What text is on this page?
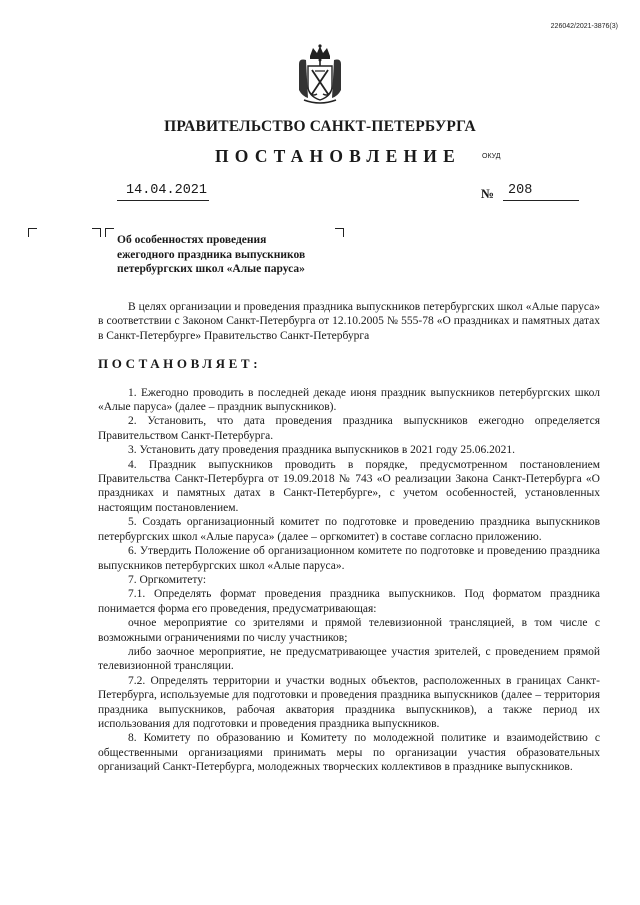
226042/2021-3876(3)
ПРАВИТЕЛЬСТВО САНКТ-ПЕТЕРБУРГА
ПОСТАНОВЛЕНИЕ	ОКУД
14.04.2021	№ 208
Об особенностях проведения
ежегодного праздника выпускников
петербургских школ «Алые паруса»

В целях организации и проведения праздника выпускников петербургских школ «Алые паруса» в соответствии с Законом Санкт-Петербурга от 12.10.2005 № 555-78 «О праздниках и памятных датах в Санкт-Петербурге» Правительство Санкт-Петербурга

ПОСТАНОВЛЯЕТ:

1. Ежегодно проводить в последней декаде июня праздник выпускников петербургских школ «Алые паруса» (далее – праздник выпускников).

2. Установить, что дата проведения праздника выпускников ежегодно определяется Правительством Санкт-Петербурга.

3. Установить дату проведения праздника выпускников в 2021 году 25.06.2021.

4. Праздник выпускников проводить в порядке, предусмотренном постановлением Правительства Санкт-Петербурга от 19.09.2018 № 743 «О реализации Закона Санкт-Петербурга «О праздниках и памятных датах в Санкт-Петербурге», с учетом особенностей, установленных настоящим постановлением.

5. Создать организационный комитет по подготовке и проведению праздника выпускников петербургских школ «Алые паруса» (далее – оргкомитет) в составе согласно приложению.

6. Утвердить Положение об организационном комитете по подготовке и проведению праздника выпускников петербургских школ «Алые паруса».

7. Оргкомитету:

7.1. Определять формат проведения праздника выпускников. Под форматом праздника понимается форма его проведения, предусматривающая:

очное мероприятие со зрителями и прямой телевизионной трансляцией, в том числе с возможными ограничениями по числу участников;

либо заочное мероприятие, не предусматривающее участия зрителей, с проведением прямой телевизионной трансляции.

7.2. Определять территории и участки водных объектов, расположенных в границах Санкт-Петербурга, используемые для подготовки и проведения праздника выпускников (далее – территория праздника выпускников, рабочая акватория праздника выпускников), а также период их использования для подготовки и проведения праздника выпускников.

8. Комитету по образованию и Комитету по молодежной политике и взаимодействию с общественными организациями принимать меры по организации участия образовательных организаций Санкт-Петербурга, молодежных творческих коллективов в празднике выпускников.
